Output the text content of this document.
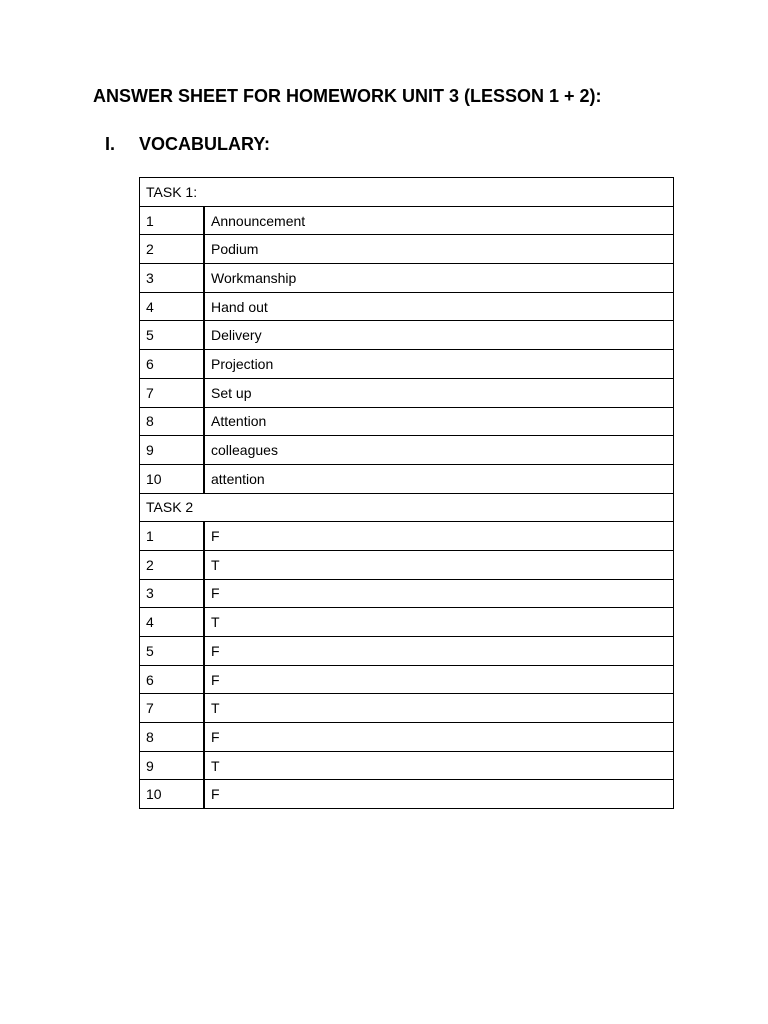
ANSWER SHEET FOR HOMEWORK UNIT 3 (LESSON 1 + 2):
I. VOCABULARY:
TASK 1:	
1	Announcement
2	Podium
3	Workmanship
4	Hand out
5	Delivery
6	Projection
7	Set up
8	Attention
9	colleagues
10	attention
TASK 2	
1	F
2	T
3	F
4	T
5	F
6	F
7	T
8	F
9	T
10	F
